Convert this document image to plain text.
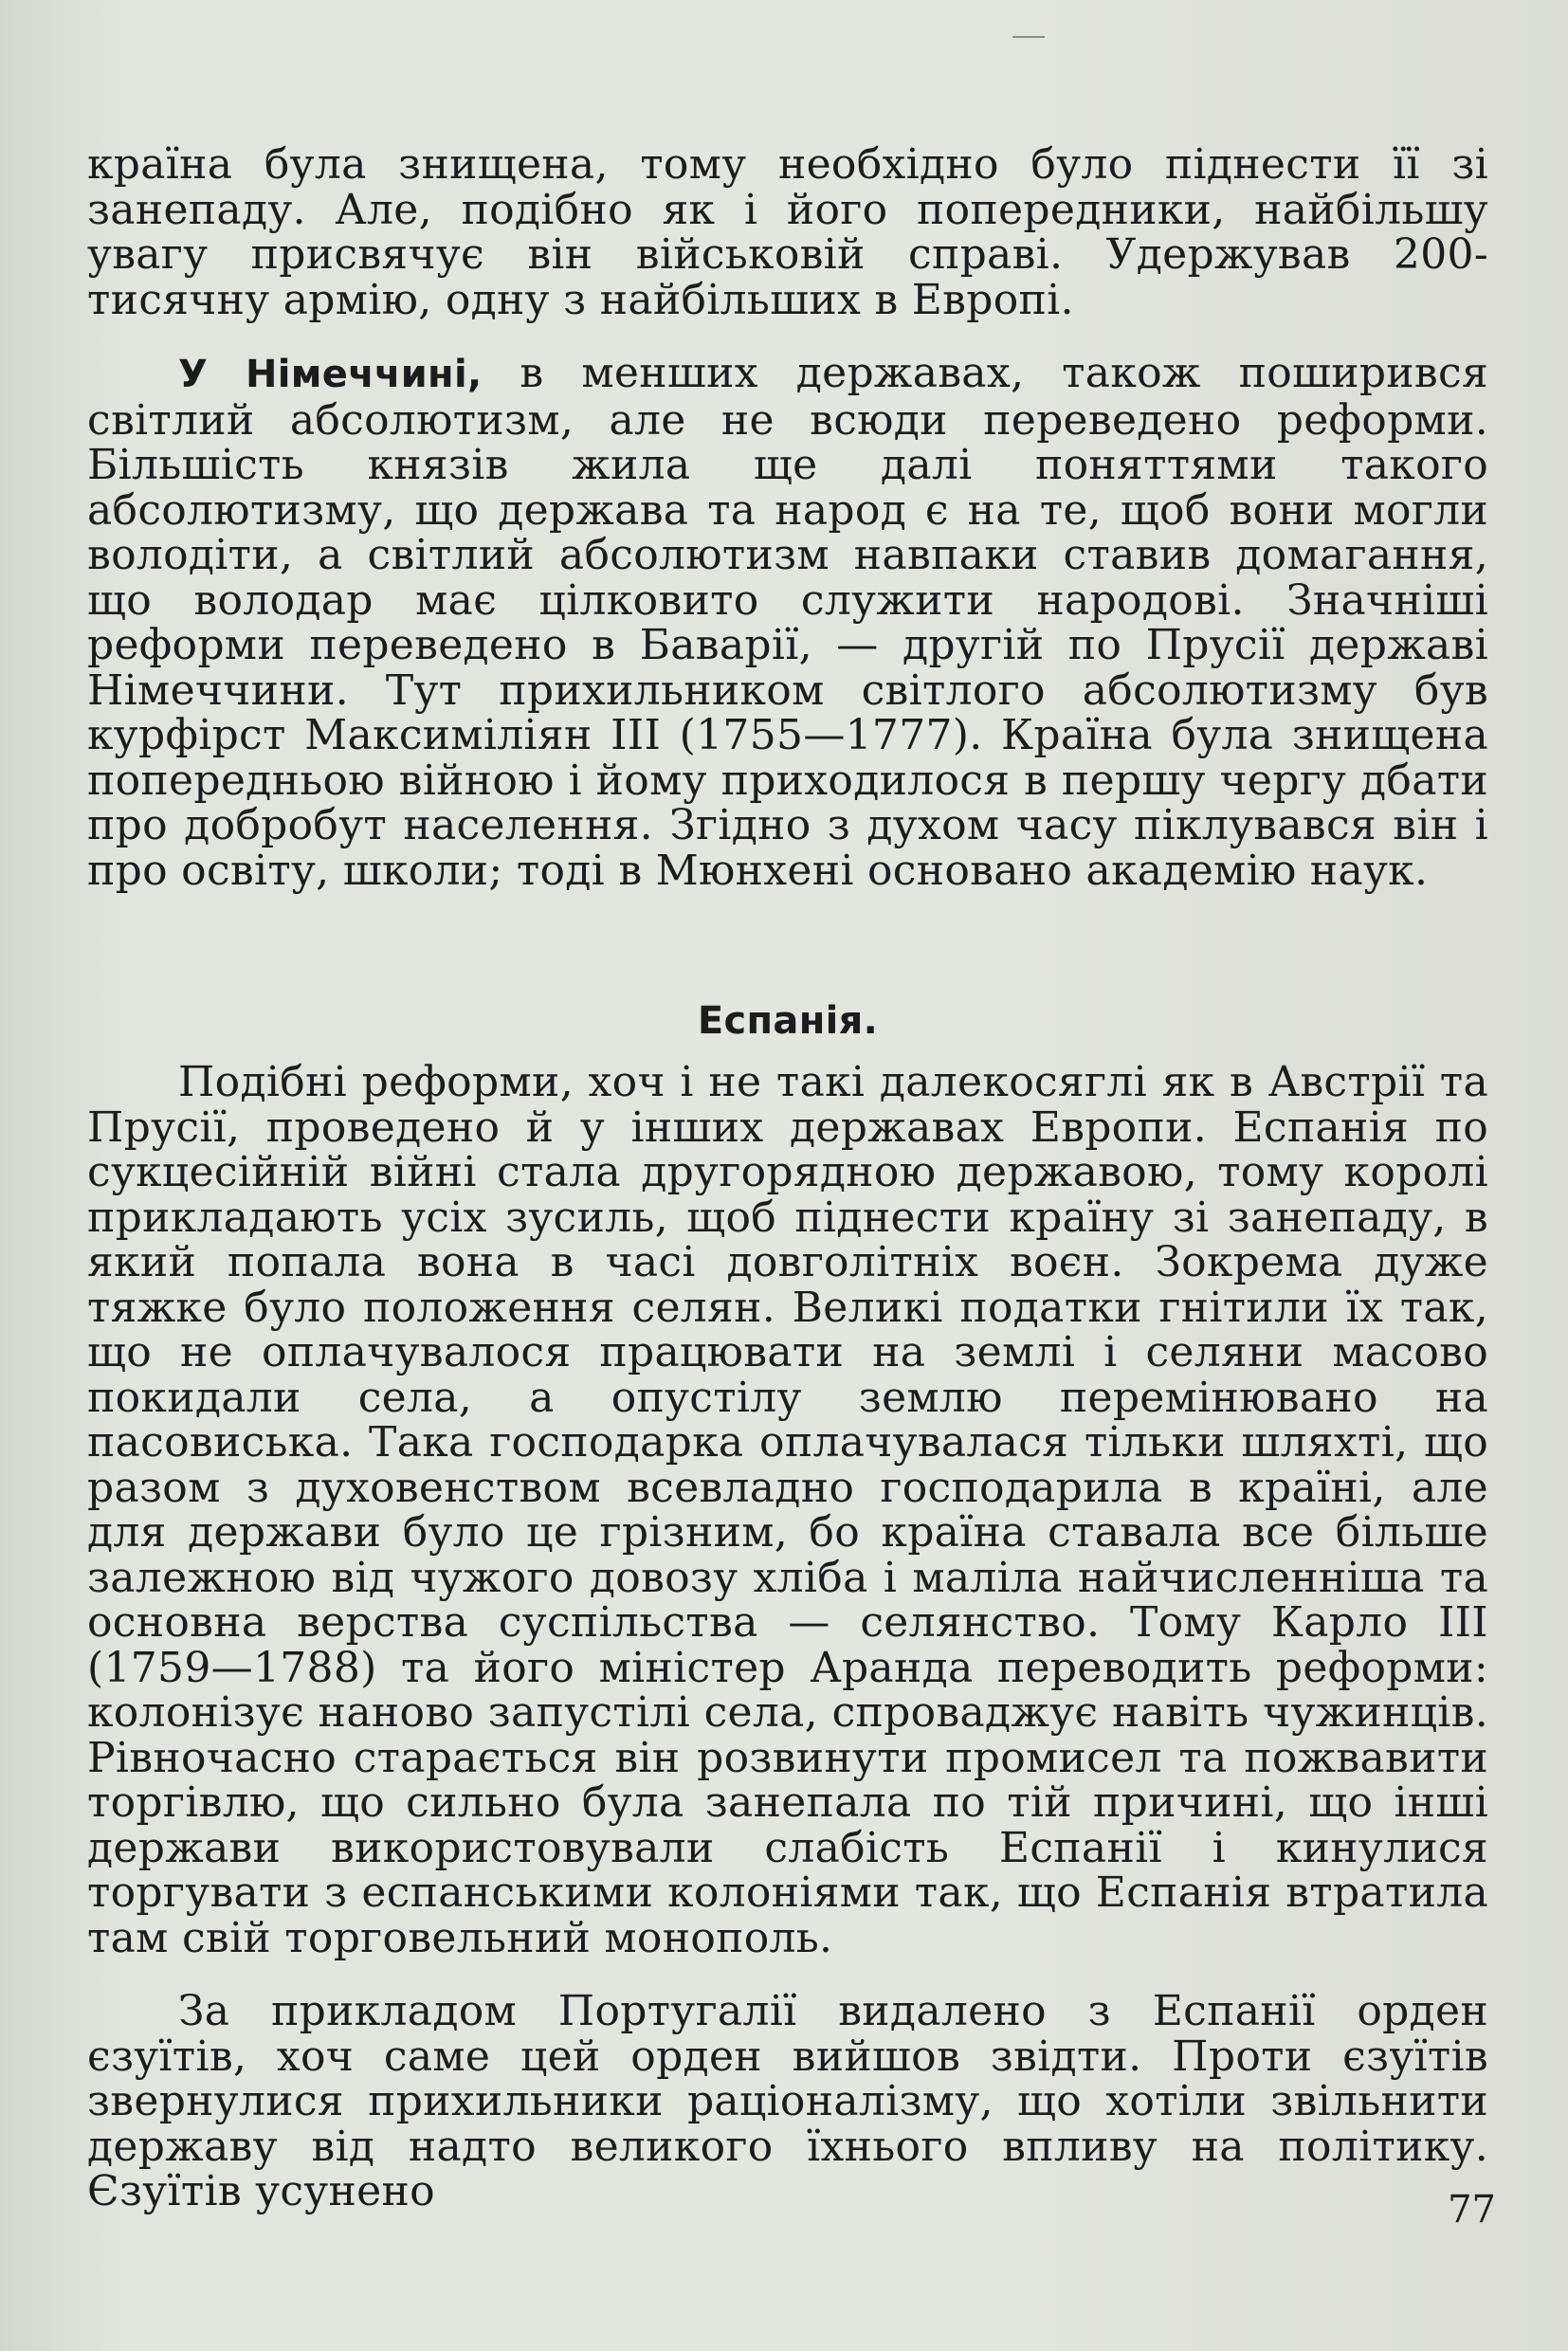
країна була знищена, тому необхідно було піднести її зі занепаду. Але, подібно як і його попередники, найбільшу увагу присвячує він військовій справі. Удержував 200-тисячну армію, одну з найбільших в Европі.

У Німеччині, в менших державах, також поширився світлий абсолютизм, але не всюди переведено реформи. Більшість князів жила ще далі поняттями такого абсолютизму, що держава та народ є на те, щоб вони могли володіти, а світлий абсолютизм навпаки ставив домагання, що володар має цілковито служити народові. Значніші реформи переведено в Баварії, — другій по Прусії державі Німеччини. Тут прихильником світлого абсолютизму був курфірст Максиміліян III (1755—1777). Країна була знищена попередньою війною і йому приходилося в першу чергу дбати про добробут населення. Згідно з духом часу піклувався він і про освіту, школи; тоді в Мюнхені основано академію наук.

Еспанія.

Подібні реформи, хоч і не такі далекосяглі як в Австрії та Прусії, проведено й у інших державах Европи. Еспанія по сукцесійній війні стала другорядною державою, тому королі прикладають усіх зусиль, щоб піднести країну зі занепаду, в який попала вона в часі довголітніх воєн. Зокрема дуже тяжке було положення селян. Великі податки гнітили їх так, що не оплачувалося працювати на землі і селяни масово покидали села, а опустілу землю перемінювано на пасовиська. Така господарка оплачувалася тільки шляхті, що разом з духовенством всевладно господарила в країні, але для держави було це грізним, бо країна ставала все більше залежною від чужого довозу хліба і маліла найчисленніша та основна верства суспільства — селянство. Тому Карло III (1759—1788) та його міністер Аранда переводить реформи: колонізує наново запустілі села, спроваджує навіть чужинців. Рівночасно старається він розвинути промисел та пожвавити торгівлю, що сильно була занепала по тій причині, що інші держави використовували слабість Еспанії і кинулися торгувати з еспанськими колоніями так, що Еспанія втратила там свій торговельний монополь.

За прикладом Португалії видалено з Еспанії орден єзуїтів, хоч саме цей орден вийшов звідти. Проти єзуїтів звернулися прихильники раціоналізму, що хотіли звільнити державу від надто великого їхнього впливу на політику. Єзуїтів усунено	77
